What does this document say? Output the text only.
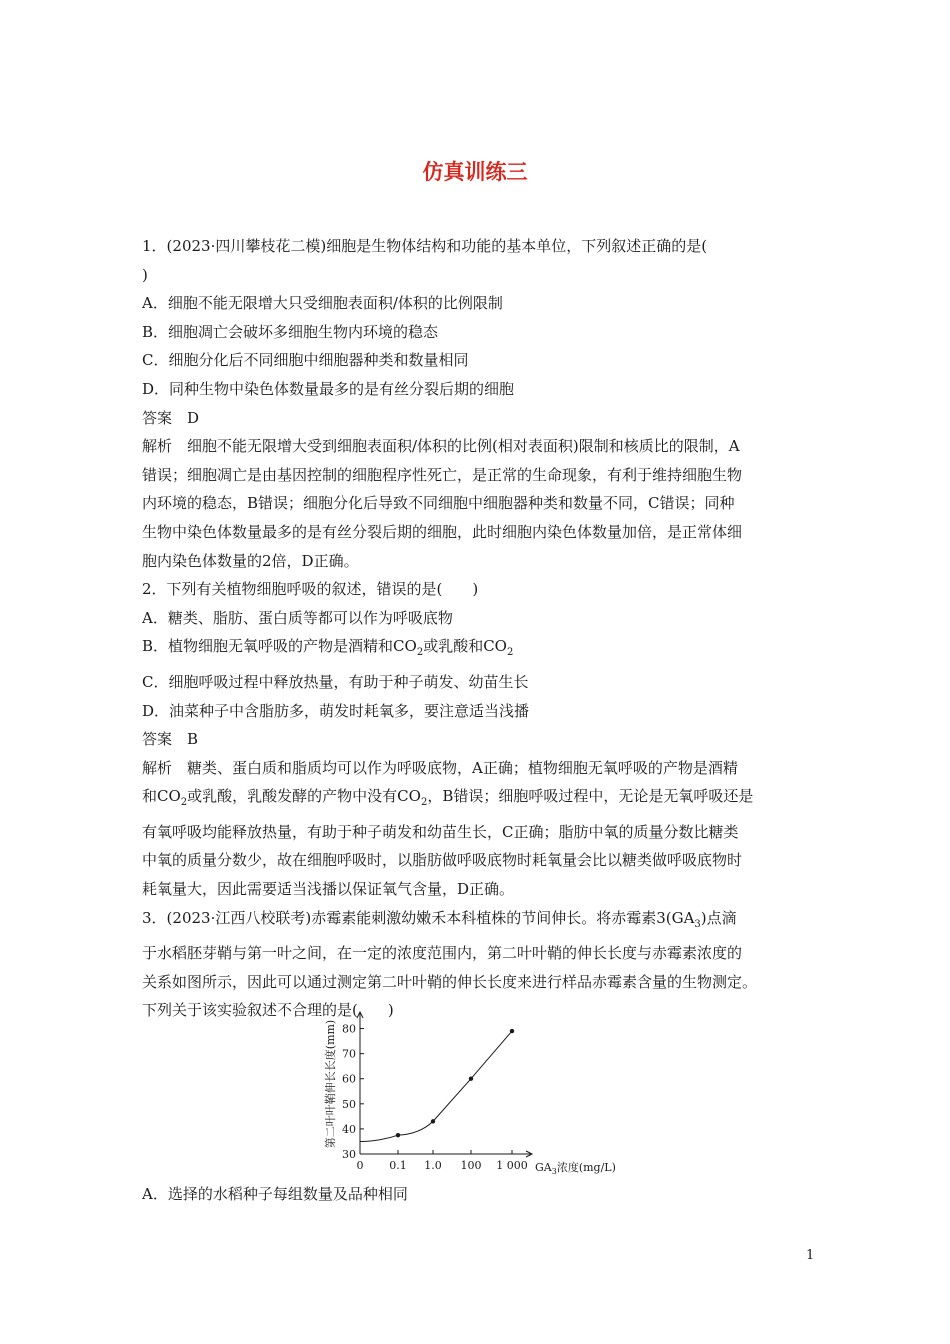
仿真训练三
1．(2023·四川攀枝花二模)细胞是生物体结构和功能的基本单位，下列叙述正确的是(
)
A．细胞不能无限增大只受细胞表面积/体积的比例限制
B．细胞凋亡会破坏多细胞生物内环境的稳态
C．细胞分化后不同细胞中细胞器种类和数量相同
D．同种生物中染色体数量最多的是有丝分裂后期的细胞
答案　D
解析　细胞不能无限增大受到细胞表面积/体积的比例(相对表面积)限制和核质比的限制，A
错误；细胞凋亡是由基因控制的细胞程序性死亡，是正常的生命现象，有利于维持细胞生物
内环境的稳态，B错误；细胞分化后导致不同细胞中细胞器种类和数量不同，C错误；同种
生物中染色体数量最多的是有丝分裂后期的细胞，此时细胞内染色体数量加倍，是正常体细
胞内染色体数量的2倍，D正确。
2．下列有关植物细胞呼吸的叙述，错误的是(　　)
A．糖类、脂肪、蛋白质等都可以作为呼吸底物
B．植物细胞无氧呼吸的产物是酒精和$CO_2$或乳酸和$CO_2$
C．细胞呼吸过程中释放热量，有助于种子萌发、幼苗生长
D．油菜种子中含脂肪多，萌发时耗氧多，要注意适当浅播
答案　B
解析　糖类、蛋白质和脂质均可以作为呼吸底物，A正确；植物细胞无氧呼吸的产物是酒精
和$CO_2$或乳酸，乳酸发酵的产物中没有$CO_2$，B错误；细胞呼吸过程中，无论是无氧呼吸还是
有氧呼吸均能释放热量，有助于种子萌发和幼苗生长，C正确；脂肪中氧的质量分数比糖类
中氧的质量分数少，故在细胞呼吸时，以脂肪做呼吸底物时耗氧量会比以糖类做呼吸底物时
耗氧量大，因此需要适当浅播以保证氧气含量，D正确。
3．(2023·江西八校联考)赤霉素能刺激幼嫩禾本科植株的节间伸长。将赤霉素$3(GA_3)$点滴
于水稻胚芽鞘与第一叶之间，在一定的浓度范围内，第二叶叶鞘的伸长长度与赤霉素浓度的
关系如图所示，因此可以通过测定第二叶叶鞘的伸长长度来进行样品赤霉素含量的生物测定。
下列关于该实验叙述不合理的是(　　)
30
40
50
60
70
80
0 0.1 1.0 100 1 000 $GA_3$浓度(mg/L)
第二叶叶鞘伸长长度(mm)
A．选择的水稻种子每组数量及品种相同
1
